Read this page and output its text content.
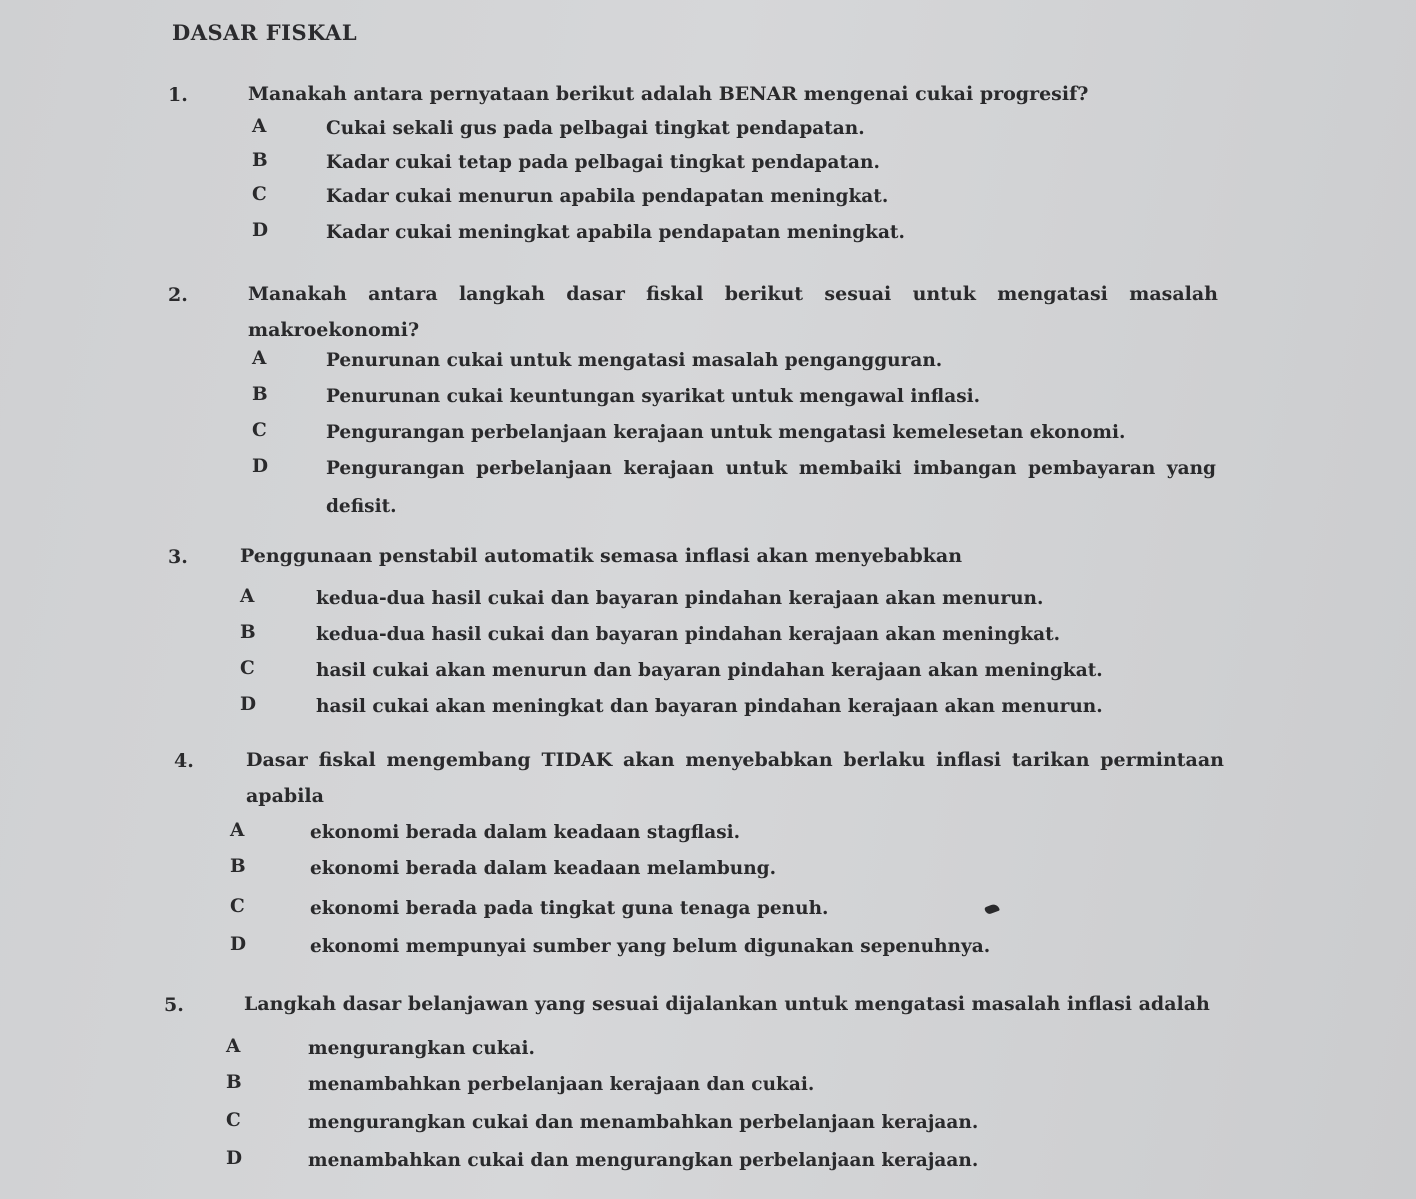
DASAR FISKAL
1.	Manakah antara pernyataan berikut adalah BENAR mengenai cukai progresif?
A	Cukai sekali gus pada pelbagai tingkat pendapatan.
B	Kadar cukai tetap pada pelbagai tingkat pendapatan.
C	Kadar cukai menurun apabila pendapatan meningkat.
D	Kadar cukai meningkat apabila pendapatan meningkat.
2.	Manakah antara langkah dasar fiskal berikut sesuai untuk mengatasi masalah makroekonomi?
A	Penurunan cukai untuk mengatasi masalah pengangguran.
B	Penurunan cukai keuntungan syarikat untuk mengawal inflasi.
C	Pengurangan perbelanjaan kerajaan untuk mengatasi kemelesetan ekonomi.
D	Pengurangan perbelanjaan kerajaan untuk membaiki imbangan pembayaran yang defisit.
3.	Penggunaan penstabil automatik semasa inflasi akan menyebabkan
A	kedua-dua hasil cukai dan bayaran pindahan kerajaan akan menurun.
B	kedua-dua hasil cukai dan bayaran pindahan kerajaan akan meningkat.
C	hasil cukai akan menurun dan bayaran pindahan kerajaan akan meningkat.
D	hasil cukai akan meningkat dan bayaran pindahan kerajaan akan menurun.
4.	Dasar fiskal mengembang TIDAK akan menyebabkan berlaku inflasi tarikan permintaan apabila
A	ekonomi berada dalam keadaan stagflasi.
B	ekonomi berada dalam keadaan melambung.
C	ekonomi berada pada tingkat guna tenaga penuh.
D	ekonomi mempunyai sumber yang belum digunakan sepenuhnya.
5.	Langkah dasar belanjawan yang sesuai dijalankan untuk mengatasi masalah inflasi adalah
A	mengurangkan cukai.
B	menambahkan perbelanjaan kerajaan dan cukai.
C	mengurangkan cukai dan menambahkan perbelanjaan kerajaan.
D	menambahkan cukai dan mengurangkan perbelanjaan kerajaan.
